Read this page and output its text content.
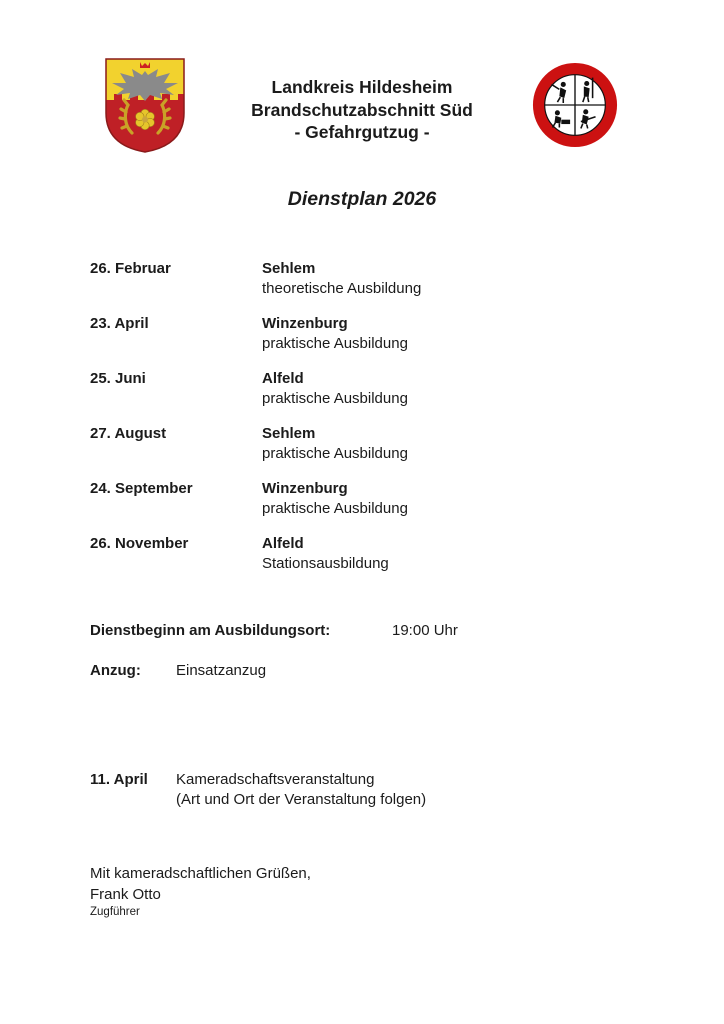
Landkreis Hildesheim
Brandschutzabschnitt Süd
- Gefahrgutzug -
Dienstplan 2026
26. Februar	Sehlem
theoretische Ausbildung
23. April	Winzenburg
praktische Ausbildung
25. Juni	Alfeld
praktische Ausbildung
27. August	Sehlem
praktische Ausbildung
24. September	Winzenburg
praktische Ausbildung
26. November	Alfeld
Stationsausbildung
Dienstbeginn am Ausbildungsort:	19:00 Uhr
Anzug: Einsatzanzug
11. April	Kameradschaftsveranstaltung
(Art und Ort der Veranstaltung folgen)
Mit kameradschaftlichen Grüßen,
Frank Otto
Zugführer
